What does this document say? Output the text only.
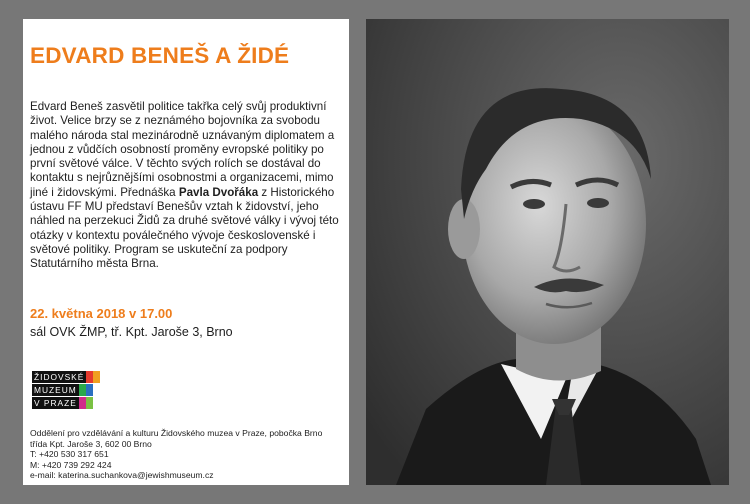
EDVARD BENEŠ A ŽIDÉ
Edvard Beneš zasvětil politice takřka celý svůj produktivní život. Velice brzy se z neznámého bojovníka za svobodu malého národa stal mezinárodně uznávaným diplomatem a jednou z vůdčích osobností proměny evropské politiky po první světové válce. V těchto svých rolích se dostával do kontaktu s nejrůznějšími osobnostmi a organizacemi, mimo jiné i židovskými. Přednáška Pavla Dvořáka z Historického ústavu FF MU představí Benešův vztah k židovství, jeho náhled na perzekuci Židů za druhé světové války i vývoj této otázky v kontextu poválečného vývoje československé i světové politiky. Program se uskuteční za podpory Statutárního města Brna.
22. května 2018 v 17.00
sál OVK ŽMP, tř. Kpt. Jaroše 3, Brno
ŽIDOVSKÉ
MUZEUM
V PRAZE
Oddělení pro vzdělávání a kulturu Židovského muzea v Praze, pobočka Brno
třída Kpt. Jaroše 3, 602 00 Brno
T: +420 530 317 651
M: +420 739 292 424
e-mail: katerina.suchankova@jewishmuseum.cz
